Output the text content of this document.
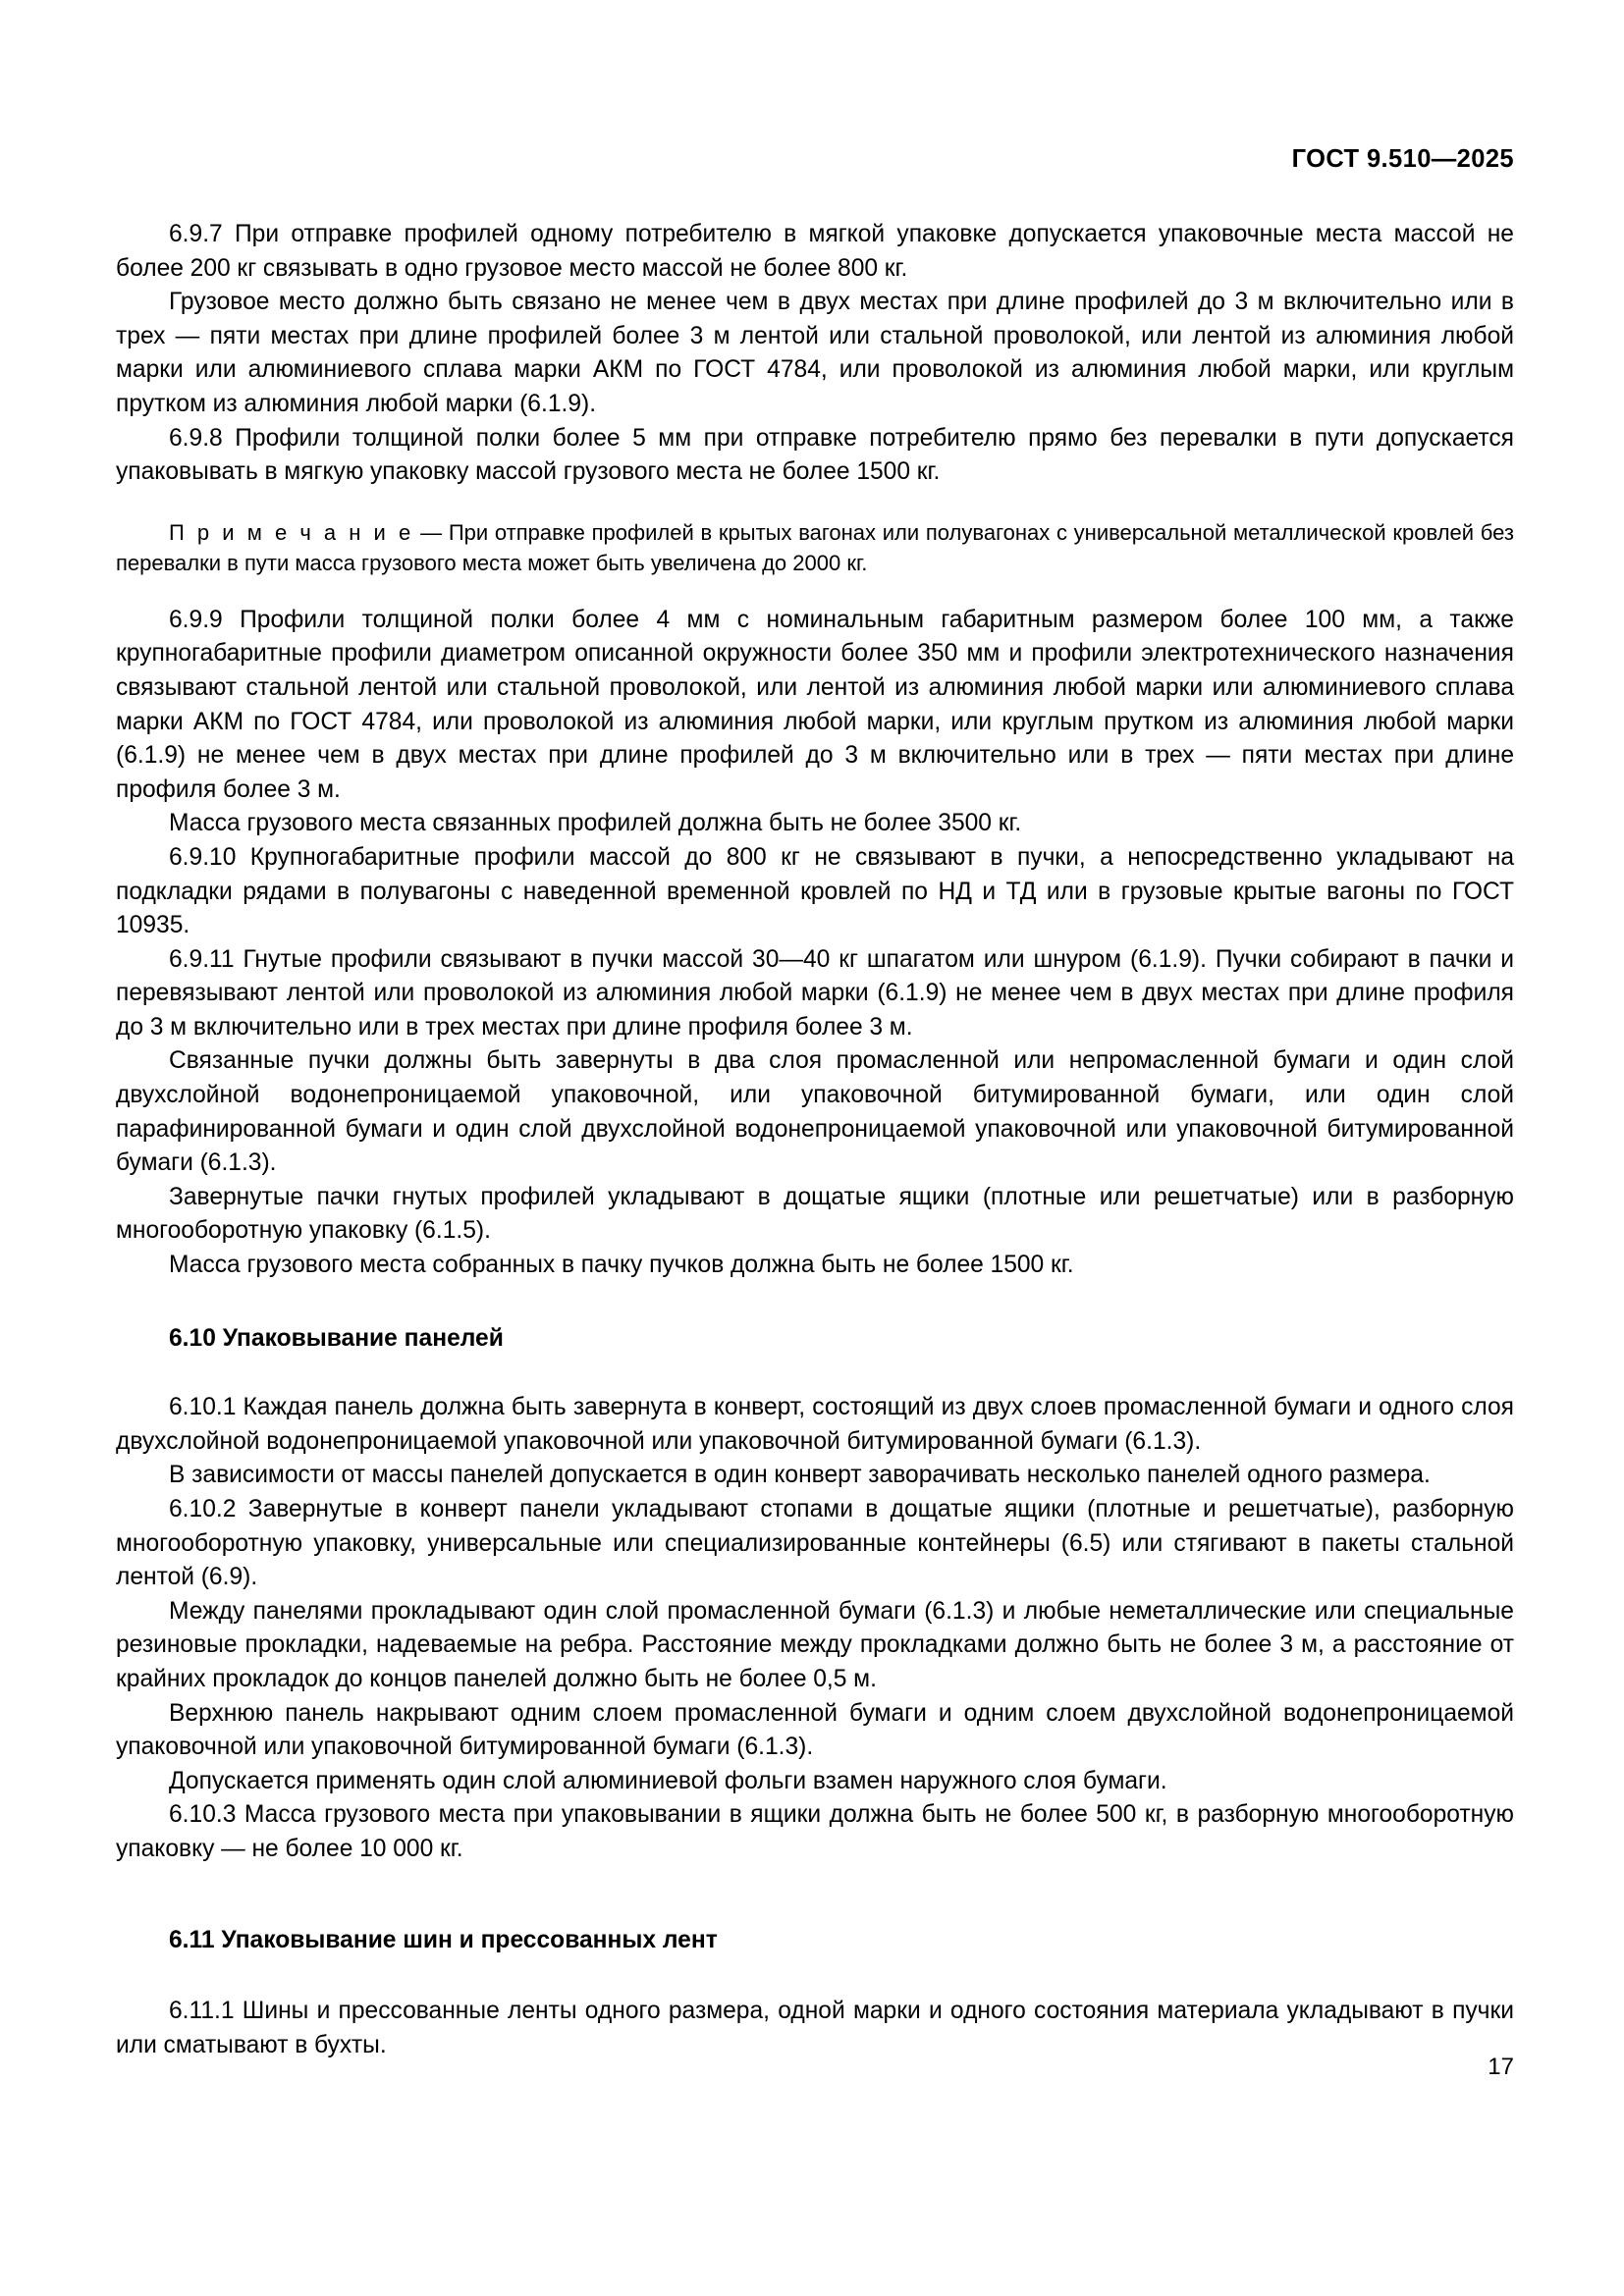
ГОСТ 9.510—2025

6.9.7 При отправке профилей одному потребителю в мягкой упаковке допускается упаковочные места массой не более 200 кг связывать в одно грузовое место массой не более 800 кг.

Грузовое место должно быть связано не менее чем в двух местах при длине профилей до 3 м включительно или в трех — пяти местах при длине профилей более 3 м лентой или стальной проволокой, или лентой из алюминия любой марки или алюминиевого сплава марки АКМ по ГОСТ 4784, или проволокой из алюминия любой марки, или круглым прутком из алюминия любой марки (6.1.9).

6.9.8 Профили толщиной полки более 5 мм при отправке потребителю прямо без перевалки в пути допускается упаковывать в мягкую упаковку массой грузового места не более 1500 кг.

П р и м е ч а н и е — При отправке профилей в крытых вагонах или полувагонах с универсальной металлической кровлей без перевалки в пути масса грузового места может быть увеличена до 2000 кг.

6.9.9 Профили толщиной полки более 4 мм с номинальным габаритным размером более 100 мм, а также крупногабаритные профили диаметром описанной окружности более 350 мм и профили электротехнического назначения связывают стальной лентой или стальной проволокой, или лентой из алюминия любой марки или алюминиевого сплава марки АКМ по ГОСТ 4784, или проволокой из алюминия любой марки, или круглым прутком из алюминия любой марки (6.1.9) не менее чем в двух местах при длине профилей до 3 м включительно или в трех — пяти местах при длине профиля более 3 м.

Масса грузового места связанных профилей должна быть не более 3500 кг.

6.9.10 Крупногабаритные профили массой до 800 кг не связывают в пучки, а непосредственно укладывают на подкладки рядами в полувагоны с наведенной временной кровлей по НД и ТД или в грузовые крытые вагоны по ГОСТ 10935.

6.9.11 Гнутые профили связывают в пучки массой 30—40 кг шпагатом или шнуром (6.1.9). Пучки собирают в пачки и перевязывают лентой или проволокой из алюминия любой марки (6.1.9) не менее чем в двух местах при длине профиля до 3 м включительно или в трех местах при длине профиля более 3 м.

Связанные пучки должны быть завернуты в два слоя промасленной или непромасленной бумаги и один слой двухслойной водонепроницаемой упаковочной, или упаковочной битумированной бумаги, или один слой парафинированной бумаги и один слой двухслойной водонепроницаемой упаковочной или упаковочной битумированной бумаги (6.1.3).

Завернутые пачки гнутых профилей укладывают в дощатые ящики (плотные или решетчатые) или в разборную многооборотную упаковку (6.1.5).

Масса грузового места собранных в пачку пучков должна быть не более 1500 кг.

6.10 Упаковывание панелей

6.10.1 Каждая панель должна быть завернута в конверт, состоящий из двух слоев промасленной бумаги и одного слоя двухслойной водонепроницаемой упаковочной или упаковочной битумированной бумаги (6.1.3).

В зависимости от массы панелей допускается в один конверт заворачивать несколько панелей одного размера.

6.10.2 Завернутые в конверт панели укладывают стопами в дощатые ящики (плотные и решетчатые), разборную многооборотную упаковку, универсальные или специализированные контейнеры (6.5) или стягивают в пакеты стальной лентой (6.9).

Между панелями прокладывают один слой промасленной бумаги (6.1.3) и любые неметаллические или специальные резиновые прокладки, надеваемые на ребра. Расстояние между прокладками должно быть не более 3 м, а расстояние от крайних прокладок до концов панелей должно быть не более 0,5 м.

Верхнюю панель накрывают одним слоем промасленной бумаги и одним слоем двухслойной водонепроницаемой упаковочной или упаковочной битумированной бумаги (6.1.3).

Допускается применять один слой алюминиевой фольги взамен наружного слоя бумаги.

6.10.3 Масса грузового места при упаковывании в ящики должна быть не более 500 кг, в разборную многооборотную упаковку — не более 10 000 кг.

6.11 Упаковывание шин и прессованных лент

6.11.1 Шины и прессованные ленты одного размера, одной марки и одного состояния материала укладывают в пучки или сматывают в бухты.

17
